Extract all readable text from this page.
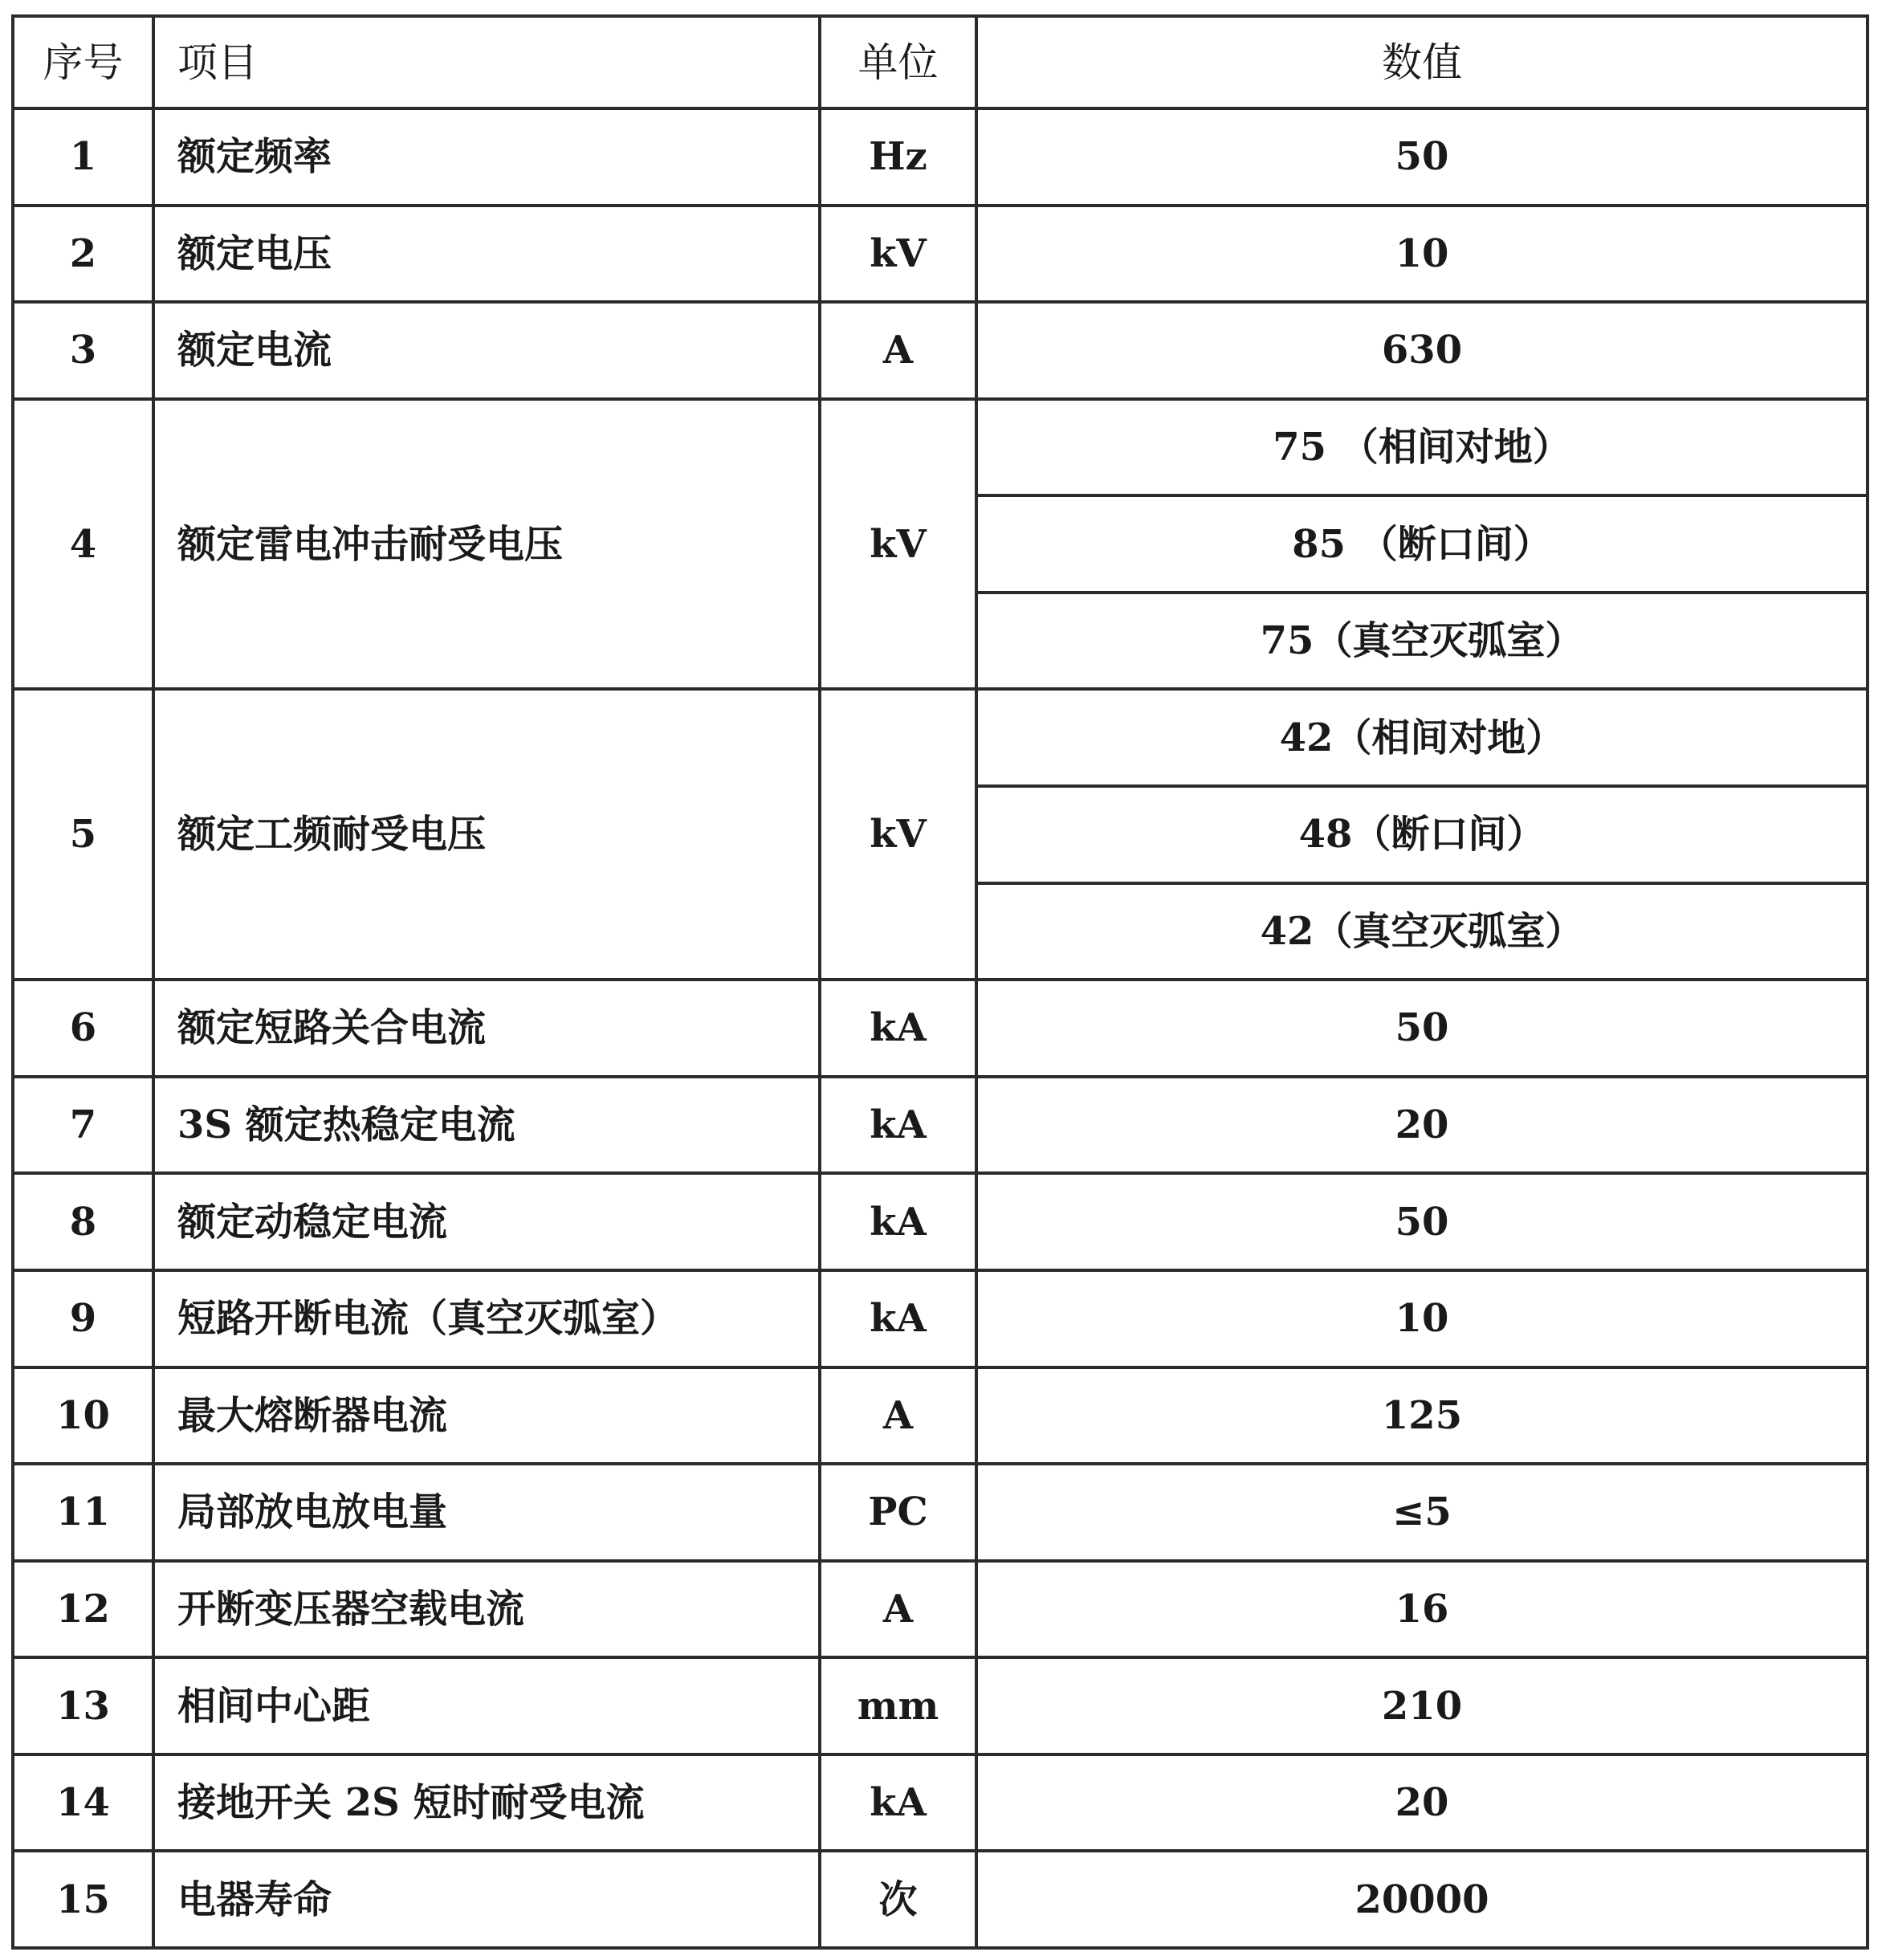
序号	项目	单位	数值
1	额定频率	Hz	50
2	额定电压	kV	10
3	额定电流	A	630
4	额定雷电冲击耐受电压	kV	75 （相间对地）
			85 （断口间）
			75（真空灭弧室）
5	额定工频耐受电压	kV	42（相间对地）
			48（断口间）
			42（真空灭弧室）
6	额定短路关合电流	kA	50
7	3S 额定热稳定电流	kA	20
8	额定动稳定电流	kA	50
9	短路开断电流（真空灭弧室）	kA	10
10	最大熔断器电流	A	125
11	局部放电放电量	PC	≤5
12	开断变压器空载电流	A	16
13	相间中心距	mm	210
14	接地开关 2S 短时耐受电流	kA	20
15	电器寿命	次	20000
